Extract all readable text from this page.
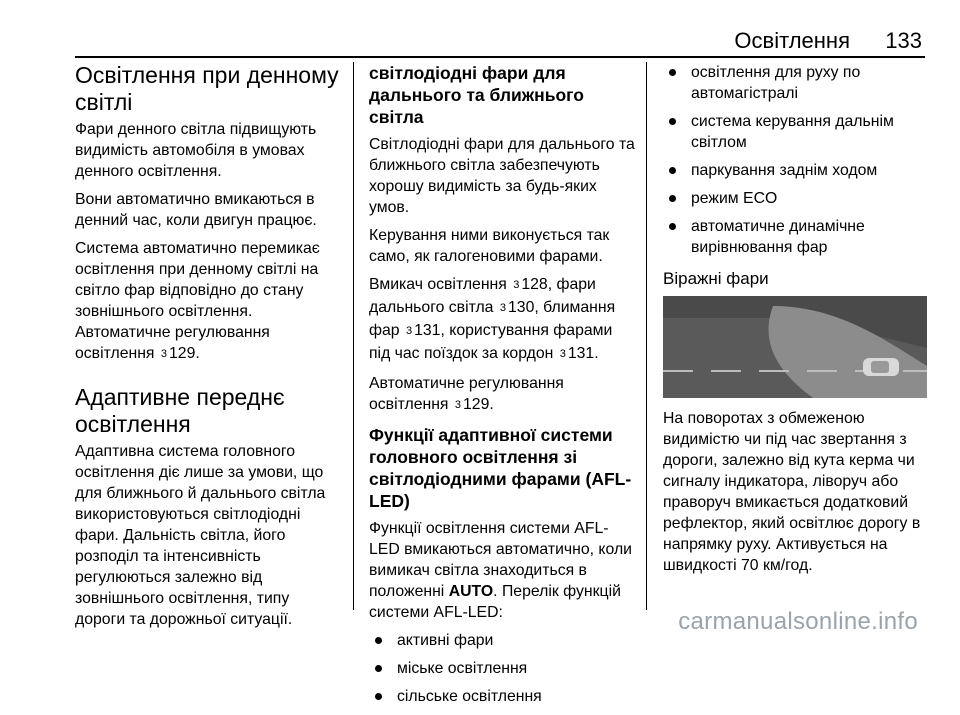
Освітлення 133
Освітлення при денному світлі

Фари денного світла підвищують видимість автомобіля в умовах денного освітлення.

Вони автоматично вмикаються в денний час, коли двигун працює.

Система автоматично перемикає освітлення при денному світлі на світло фар відповідно до стану зовнішнього освітлення.

Автоматичне регулювання освітлення 3 129.

Адаптивне переднє освітлення

Адаптивна система головного освітлення діє лише за умови, що для ближнього й дальнього світла використовуються світлодіодні фари. Дальність світла, його розподіл та інтенсивність регулюються залежно від зовнішнього освітлення, типу дороги та дорожньої ситуації.

світлодіодні фари для дальнього та ближнього світла

Світлодіодні фари для дальнього та ближнього світла забезпечують хорошу видимість за будь-яких умов.

Керування ними виконується так само, як галогеновими фарами.

Вмикач освітлення 3 128, фари дальнього світла 3 130, блимання фар 3 131, користування фарами під час поїздок за кордон 3 131.

Автоматичне регулювання освітлення 3 129.

Функції адаптивної системи головного освітлення зі світлодіодними фарами (AFL-LED)

Функції освітлення системи AFL-LED вмикаються автоматично, коли вимикач світла знаходиться в положенні AUTO. Перелік функцій системи AFL-LED:

активні фари
міське освітлення
сільське освітлення
освітлення для руху по автомагістралі
система керування дальнім світлом
паркування заднім ходом
режим ECO
автоматичне динамічне вирівнювання фар
Віражні фари

На поворотах з обмеженою видимістю чи під час звертання з дороги, залежно від кута керма чи сигналу індикатора, ліворуч або праворуч вмикається додатковий рефлектор, який освітлює дорогу в напрямку руху. Активується на швидкості 70 км/год.

carmanualsonline.info
